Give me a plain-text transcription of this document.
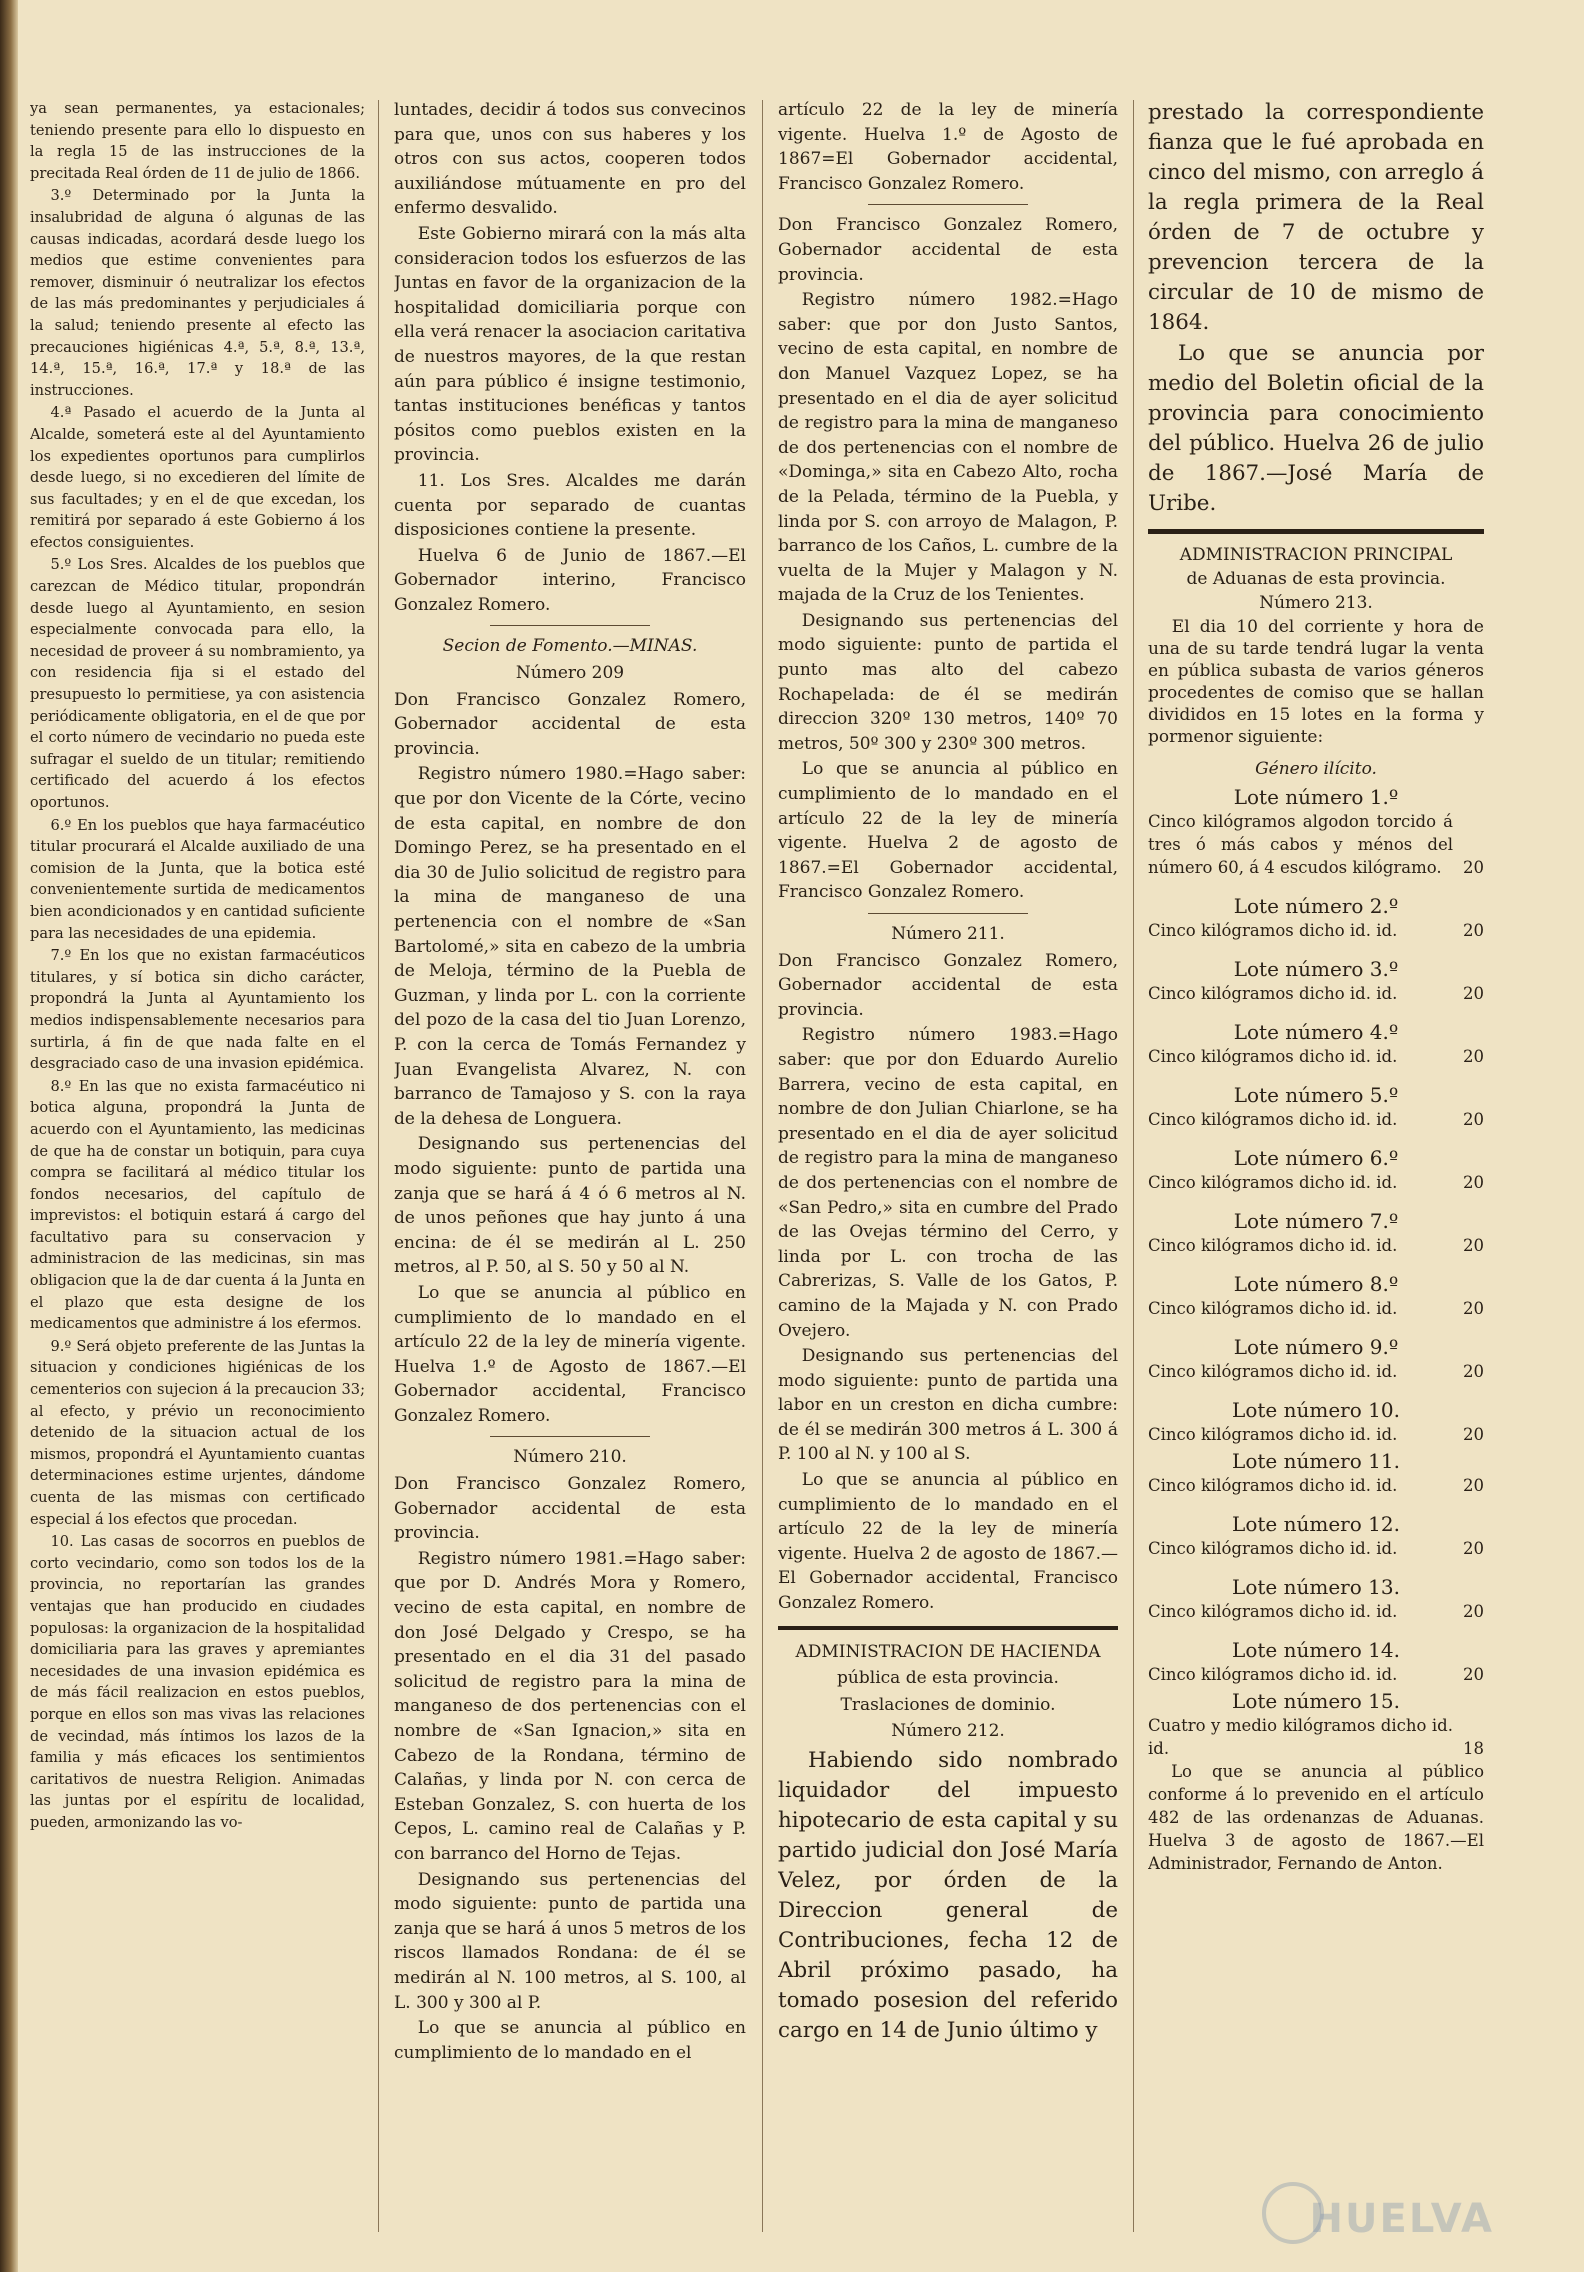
ya sean permanentes, ya estacionales; teniendo presente para ello lo dispuesto en la regla 15 de las instrucciones de la precitada Real órden de 11 de julio de 1866.

3.º Determinado por la Junta la insalubridad de alguna ó algunas de las causas indicadas, acordará desde luego los medios que estime convenientes para remover, disminuir ó neutralizar los efectos de las más predominantes y perjudiciales á la salud; teniendo presente al efecto las precauciones higiénicas 4.ª, 5.ª, 8.ª, 13.ª, 14.ª, 15.ª, 16.ª, 17.ª y 18.ª de las instrucciones.

4.ª Pasado el acuerdo de la Junta al Alcalde, someterá este al del Ayuntamiento los expedientes oportunos para cumplirlos desde luego, si no excedieren del límite de sus facultades; y en el de que excedan, los remitirá por separado á este Gobierno á los efectos consiguientes.

5.º Los Sres. Alcaldes de los pueblos que carezcan de Médico titular, propondrán desde luego al Ayuntamiento, en sesion especialmente convocada para ello, la necesidad de proveer á su nombramiento, ya con residencia fija si el estado del presupuesto lo permitiese, ya con asistencia periódicamente obligatoria, en el de que por el corto número de vecindario no pueda este sufragar el sueldo de un titular; remitiendo certificado del acuerdo á los efectos oportunos.

6.º En los pueblos que haya farmacéutico titular procurará el Alcalde auxiliado de una comision de la Junta, que la botica esté convenientemente surtida de medicamentos bien acondicionados y en cantidad suficiente para las necesidades de una epidemia.

7.º En los que no existan farmacéuticos titulares, y sí botica sin dicho carácter, propondrá la Junta al Ayuntamiento los medios indispensablemente necesarios para surtirla, á fin de que nada falte en el desgraciado caso de una invasion epidémica.

8.º En las que no exista farmacéutico ni botica alguna, propondrá la Junta de acuerdo con el Ayuntamiento, las medicinas de que ha de constar un botiquin, para cuya compra se facilitará al médico titular los fondos necesarios, del capítulo de imprevistos: el botiquin estará á cargo del facultativo para su conservacion y administracion de las medicinas, sin mas obligacion que la de dar cuenta á la Junta en el plazo que esta designe de los medicamentos que administre á los efermos.

9.º Será objeto preferente de las Juntas la situacion y condiciones higiénicas de los cementerios con sujecion á la precaucion 33; al efecto, y prévio un reconocimiento detenido de la situacion actual de los mismos, propondrá el Ayuntamiento cuantas determinaciones estime urjentes, dándome cuenta de las mismas con certificado especial á los efectos que procedan.

10. Las casas de socorros en pueblos de corto vecindario, como son todos los de la provincia, no reportarían las grandes ventajas que han producido en ciudades populosas: la organizacion de la hospitalidad domiciliaria para las graves y apremiantes necesidades de una invasion epidémica es de más fácil realizacion en estos pueblos, porque en ellos son mas vivas las relaciones de vecindad, más íntimos los lazos de la familia y más eficaces los sentimientos caritativos de nuestra Religion. Animadas las juntas por el espíritu de localidad, pueden, armonizando las vo-

luntades, decidir á todos sus convecinos para que, unos con sus haberes y los otros con sus actos, cooperen todos auxiliándose mútuamente en pro del enfermo desvalido.

Este Gobierno mirará con la más alta consideracion todos los esfuerzos de las Juntas en favor de la organizacion de la hospitalidad domiciliaria porque con ella verá renacer la asociacion caritativa de nuestros mayores, de la que restan aún para público é insigne testimonio, tantas instituciones benéficas y tantos pósitos como pueblos existen en la provincia.

11. Los Sres. Alcaldes me darán cuenta por separado de cuantas disposiciones contiene la presente.

Huelva 6 de Junio de 1867.—El Gobernador interino, Francisco Gonzalez Romero.

Secion de Fomento.—MINAS.

Número 209

Don Francisco Gonzalez Romero, Gobernador accidental de esta provincia.

Registro número 1980.=Hago saber: que por don Vicente de la Córte, vecino de esta capital, en nombre de don Domingo Perez, se ha presentado en el dia 30 de Julio solicitud de registro para la mina de manganeso de una pertenencia con el nombre de «San Bartolomé,» sita en cabezo de la umbria de Meloja, término de la Puebla de Guzman, y linda por L. con la corriente del pozo de la casa del tio Juan Lorenzo, P. con la cerca de Tomás Fernandez y Juan Evangelista Alvarez, N. con barranco de Tamajoso y S. con la raya de la dehesa de Longuera.

Designando sus pertenencias del modo siguiente: punto de partida una zanja que se hará á 4 ó 6 metros al N. de unos peñones que hay junto á una encina: de él se medirán al L. 250 metros, al P. 50, al S. 50 y 50 al N.

Lo que se anuncia al público en cumplimiento de lo mandado en el artículo 22 de la ley de minería vigente. Huelva 1.º de Agosto de 1867.—El Gobernador accidental, Francisco Gonzalez Romero.

Número 210.

Don Francisco Gonzalez Romero, Gobernador accidental de esta provincia.

Registro número 1981.=Hago saber: que por D. Andrés Mora y Romero, vecino de esta capital, en nombre de don José Delgado y Crespo, se ha presentado en el dia 31 del pasado solicitud de registro para la mina de manganeso de dos pertenencias con el nombre de «San Ignacion,» sita en Cabezo de la Rondana, término de Calañas, y linda por N. con cerca de Esteban Gonzalez, S. con huerta de los Cepos, L. camino real de Calañas y P. con barranco del Horno de Tejas.

Designando sus pertenencias del modo siguiente: punto de partida una zanja que se hará á unos 5 metros de los riscos llamados Rondana: de él se medirán al N. 100 metros, al S. 100, al L. 300 y 300 al P.

Lo que se anuncia al público en cumplimiento de lo mandado en el

artículo 22 de la ley de minería vigente. Huelva 1.º de Agosto de 1867=El Gobernador accidental, Francisco Gonzalez Romero.

Don Francisco Gonzalez Romero, Gobernador accidental de esta provincia.

Registro número 1982.=Hago saber: que por don Justo Santos, vecino de esta capital, en nombre de don Manuel Vazquez Lopez, se ha presentado en el dia de ayer solicitud de registro para la mina de manganeso de dos pertenencias con el nombre de «Dominga,» sita en Cabezo Alto, rocha de la Pelada, término de la Puebla, y linda por S. con arroyo de Malagon, P. barranco de los Caños, L. cumbre de la vuelta de la Mujer y Malagon y N. majada de la Cruz de los Tenientes.

Designando sus pertenencias del modo siguiente: punto de partida el punto mas alto del cabezo Rochapelada: de él se medirán direccion 320º 130 metros, 140º 70 metros, 50º 300 y 230º 300 metros.

Lo que se anuncia al público en cumplimiento de lo mandado en el artículo 22 de la ley de minería vigente. Huelva 2 de agosto de 1867.=El Gobernador accidental, Francisco Gonzalez Romero.

Número 211.

Don Francisco Gonzalez Romero, Gobernador accidental de esta provincia.

Registro número 1983.=Hago saber: que por don Eduardo Aurelio Barrera, vecino de esta capital, en nombre de don Julian Chiarlone, se ha presentado en el dia de ayer solicitud de registro para la mina de manganeso de dos pertenencias con el nombre de «San Pedro,» sita en cumbre del Prado de las Ovejas término del Cerro, y linda por L. con trocha de las Cabrerizas, S. Valle de los Gatos, P. camino de la Majada y N. con Prado Ovejero.

Designando sus pertenencias del modo siguiente: punto de partida una labor en un creston en dicha cumbre: de él se medirán 300 metros á L. 300 á P. 100 al N. y 100 al S.

Lo que se anuncia al público en cumplimiento de lo mandado en el artículo 22 de la ley de minería vigente. Huelva 2 de agosto de 1867.—El Gobernador accidental, Francisco Gonzalez Romero.

ADMINISTRACION DE HACIENDA

pública de esta provincia.

Traslaciones de dominio.

Número 212.

Habiendo sido nombrado liquidador del impuesto hipotecario de esta capital y su partido judicial don José María Velez, por órden de la Direccion general de Contribuciones, fecha 12 de Abril próximo pasado, ha tomado posesion del referido cargo en 14 de Junio último y

prestado la correspondiente fianza que le fué aprobada en cinco del mismo, con arreglo á la regla primera de la Real órden de 7 de octubre y prevencion tercera de la circular de 10 de mismo de 1864.

Lo que se anuncia por medio del Boletin oficial de la provincia para conocimiento del público. Huelva 26 de julio de 1867.—José María de Uribe.

ADMINISTRACION PRINCIPAL

de Aduanas de esta provincia.

Número 213.

El dia 10 del corriente y hora de una de su tarde tendrá lugar la venta en pública subasta de varios géneros procedentes de comiso que se hallan divididos en 15 lotes en la forma y pormenor siguiente:

Género ilícito.

Lote número 1.º
Cinco kilógramos algodon torcido á tres ó más cabos y ménos del número 60, á 4 escudos kilógramo.	20
Lote número 2.º
Cinco kilógramos dicho id. id.	20
Lote número 3.º
Cinco kilógramos dicho id. id.	20
Lote número 4.º
Cinco kilógramos dicho id. id.	20
Lote número 5.º
Cinco kilógramos dicho id. id.	20
Lote número 6.º
Cinco kilógramos dicho id. id.	20
Lote número 7.º
Cinco kilógramos dicho id. id.	20
Lote número 8.º
Cinco kilógramos dicho id. id.	20
Lote número 9.º
Cinco kilógramos dicho id. id.	20
Lote número 10.
Cinco kilógramos dicho id. id.	20
Lote número 11.
Cinco kilógramos dicho id. id.	20
Lote número 12.
Cinco kilógramos dicho id. id.	20
Lote número 13.
Cinco kilógramos dicho id. id.	20
Lote número 14.
Cinco kilógramos dicho id. id.	20
Lote número 15.
Cuatro y medio kilógramos dicho id. id.	18

Lo que se anuncia al público conforme á lo prevenido en el artículo 482 de las ordenanzas de Aduanas. Huelva 3 de agosto de 1867.—El Administrador, Fernando de Anton.

HUELVA
